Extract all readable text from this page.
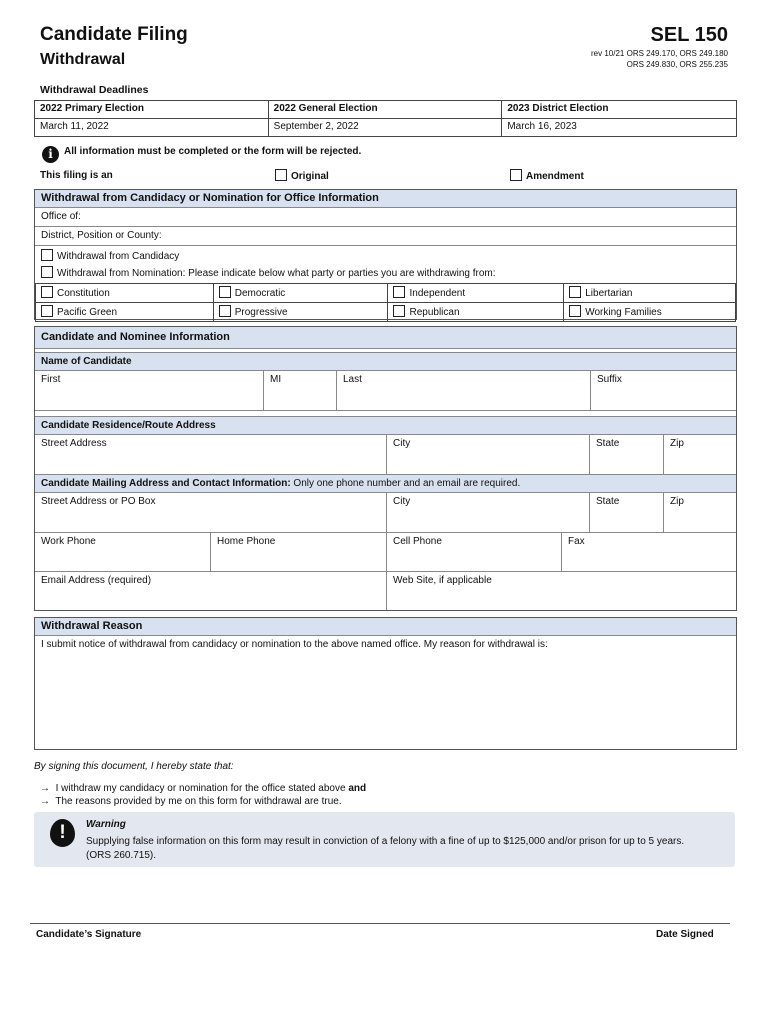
Candidate Filing
Withdrawal
SEL 150
rev 10/21 ORS 249.170, ORS 249.180
ORS 249.830, ORS 255.235
Withdrawal Deadlines
2022 Primary Election	2022 General Election	2023 District Election
March 11, 2022	September 2, 2022	March 16, 2023
i All information must be completed or the form will be rejected.
This filing is an	Original	Amendment
Withdrawal from Candidacy or Nomination for Office Information
Office of:
District, Position or County:
Withdrawal from Candidacy
Withdrawal from Nomination: Please indicate below what party or parties you are withdrawing from:
Constitution	Democratic	Independent	Libertarian
Pacific Green	Progressive	Republican	Working Families
Candidate and Nominee Information
Name of Candidate
First	MI	Last	Suffix
Candidate Residence/Route Address
Street Address	City	State	Zip
Candidate Mailing Address and Contact Information: Only one phone number and an email are required.
Street Address or PO Box	City	State	Zip
Work Phone	Home Phone	Cell Phone	Fax
Email Address (required)	Web Site, if applicable
Withdrawal Reason
I submit notice of withdrawal from candidacy or nomination to the above named office. My reason for withdrawal is:
By signing this document, I hereby state that:
→ I withdraw my candidacy or nomination for the office stated above and
→ The reasons provided by me on this form for withdrawal are true.
!	Warning
Supplying false information on this form may result in conviction of a felony with a fine of up to $125,000 and/or prison for up to 5 years. (ORS 260.715).
Candidate’s Signature	Date Signed
